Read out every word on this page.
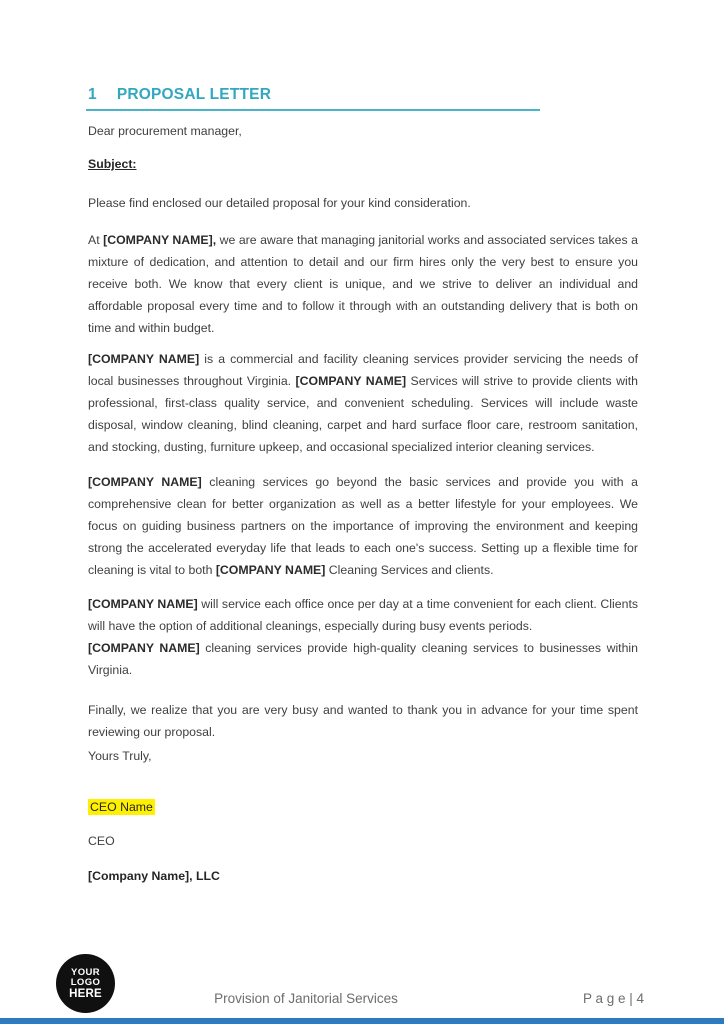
1 PROPOSAL LETTER

Dear procurement manager,

Subject:

Please find enclosed our detailed proposal for your kind consideration.

At [COMPANY NAME], we are aware that managing janitorial works and associated services takes a mixture of dedication, and attention to detail and our firm hires only the very best to ensure you receive both. We know that every client is unique, and we strive to deliver an individual and affordable proposal every time and to follow it through with an outstanding delivery that is both on time and within budget.

[COMPANY NAME] is a commercial and facility cleaning services provider servicing the needs of local businesses throughout Virginia. [COMPANY NAME] Services will strive to provide clients with professional, first-class quality service, and convenient scheduling. Services will include waste disposal, window cleaning, blind cleaning, carpet and hard surface floor care, restroom sanitation, and stocking, dusting, furniture upkeep, and occasional specialized interior cleaning services.

[COMPANY NAME] cleaning services go beyond the basic services and provide you with a comprehensive clean for better organization as well as a better lifestyle for your employees. We focus on guiding business partners on the importance of improving the environment and keeping strong the accelerated everyday life that leads to each one's success. Setting up a flexible time for cleaning is vital to both [COMPANY NAME] Cleaning Services and clients.

[COMPANY NAME] will service each office once per day at a time convenient for each client. Clients will have the option of additional cleanings, especially during busy events periods.

[COMPANY NAME] cleaning services provide high-quality cleaning services to businesses within Virginia.

Finally, we realize that you are very busy and wanted to thank you in advance for your time spent reviewing our proposal.

Yours Truly,

CEO Name

CEO

[Company Name], LLC

YOUR
LOGO
HERE	Provision of Janitorial Services	P a g e | 4
